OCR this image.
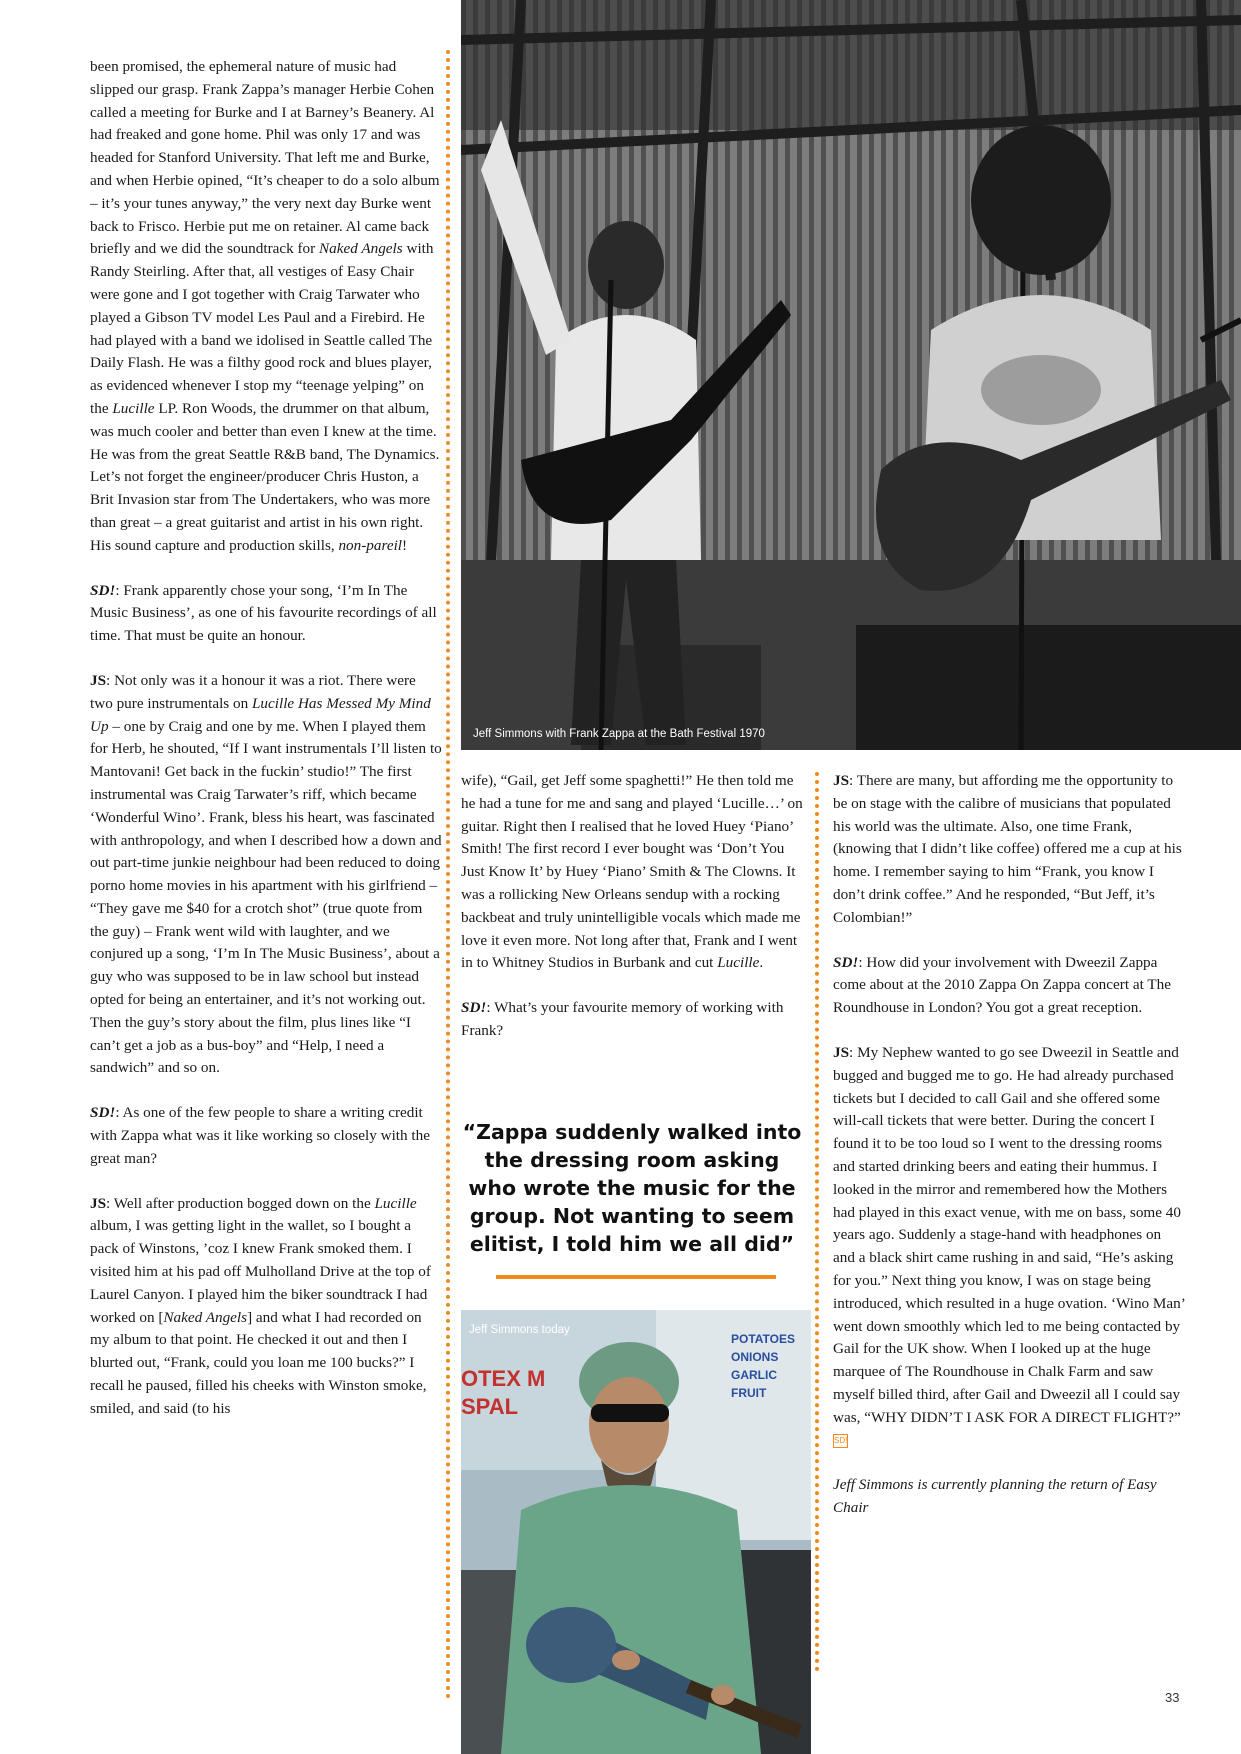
been promised, the ephemeral nature of music had slipped our grasp. Frank Zappa’s manager Herbie Cohen called a meeting for Burke and I at Barney’s Beanery. Al had freaked and gone home. Phil was only 17 and was headed for Stanford University. That left me and Burke, and when Herbie opined, “It’s cheaper to do a solo album – it’s your tunes anyway,” the very next day Burke went back to Frisco. Herbie put me on retainer. Al came back briefly and we did the soundtrack for Naked Angels with Randy Steirling. After that, all vestiges of Easy Chair were gone and I got together with Craig Tarwater who played a Gibson TV model Les Paul and a Firebird. He had played with a band we idolised in Seattle called The Daily Flash. He was a filthy good rock and blues player, as evidenced whenever I stop my “teenage yelping” on the Lucille LP. Ron Woods, the drummer on that album, was much cooler and better than even I knew at the time. He was from the great Seattle R&B band, The Dynamics. Let’s not forget the engineer/producer Chris Huston, a Brit Invasion star from The Undertakers, who was more than great – a great guitarist and artist in his own right. His sound capture and production skills, non-pareil!

SD!: Frank apparently chose your song, ‘I’m In The Music Business’, as one of his favourite recordings of all time. That must be quite an honour.

JS: Not only was it a honour it was a riot. There were two pure instrumentals on Lucille Has Messed My Mind Up – one by Craig and one by me. When I played them for Herb, he shouted, “If I want instrumentals I’ll listen to Mantovani! Get back in the fuckin’ studio!” The first instrumental was Craig Tarwater’s riff, which became ‘Wonderful Wino’. Frank, bless his heart, was fascinated with anthropology, and when I described how a down and out part-time junkie neighbour had been reduced to doing porno home movies in his apartment with his girlfriend – “They gave me $40 for a crotch shot” (true quote from the guy) – Frank went wild with laughter, and we conjured up a song, ‘I’m In The Music Business’, about a guy who was supposed to be in law school but instead opted for being an entertainer, and it’s not working out. Then the guy’s story about the film, plus lines like “I can’t get a job as a bus-boy” and “Help, I need a sandwich” and so on.

SD!: As one of the few people to share a writing credit with Zappa what was it like working so closely with the great man?

JS: Well after production bogged down on the Lucille album, I was getting light in the wallet, so I bought a pack of Winstons, ’coz I knew Frank smoked them. I visited him at his pad off Mulholland Drive at the top of Laurel Canyon. I played him the biker soundtrack I had worked on [Naked Angels] and what I had recorded on my album to that point. He checked it out and then I blurted out, “Frank, could you loan me 100 bucks?” I recall he paused, filled his cheeks with Winston smoke, smiled, and said (to his

Jeff Simmons with Frank Zappa at the Bath Festival 1970

wife), “Gail, get Jeff some spaghetti!” He then told me he had a tune for me and sang and played ‘Lucille…’ on guitar. Right then I realised that he loved Huey ‘Piano’ Smith! The first record I ever bought was ‘Don’t You Just Know It’ by Huey ‘Piano’ Smith & The Clowns. It was a rollicking New Orleans sendup with a rocking backbeat and truly unintelligible vocals which made me love it even more. Not long after that, Frank and I went in to Whitney Studios in Burbank and cut Lucille.

SD!: What’s your favourite memory of working with Frank?

“Zappa suddenly walked into the dressing room asking who wrote the music for the group. Not wanting to seem elitist, I told him we all did”
Jeff Simmons today
POTATOES
ONIONS
GARLIC
FRUIT
OTEX M
SPAL

JS: There are many, but affording me the opportunity to be on stage with the calibre of musicians that populated his world was the ultimate. Also, one time Frank, (knowing that I didn’t like coffee) offered me a cup at his home. I remember saying to him “Frank, you know I don’t drink coffee.” And he responded, “But Jeff, it’s Colombian!”

SD!: How did your involvement with Dweezil Zappa come about at the 2010 Zappa On Zappa concert at The Roundhouse in London? You got a great reception.

JS: My Nephew wanted to go see Dweezil in Seattle and bugged and bugged me to go. He had already purchased tickets but I decided to call Gail and she offered some will-call tickets that were better. During the concert I found it to be too loud so I went to the dressing rooms and started drinking beers and eating their hummus. I looked in the mirror and remembered how the Mothers had played in this exact venue, with me on bass, some 40 years ago. Suddenly a stage-hand with headphones on and a black shirt came rushing in and said, “He’s asking for you.” Next thing you know, I was on stage being introduced, which resulted in a huge ovation. ‘Wino Man’ went down smoothly which led to me being contacted by Gail for the UK show. When I looked up at the huge marquee of The Roundhouse in Chalk Farm and saw myself billed third, after Gail and Dweezil all I could say was, “WHY DIDN’T I ASK FOR A DIRECT FLIGHT?” SD!

Jeff Simmons is currently planning the return of Easy Chair

33
